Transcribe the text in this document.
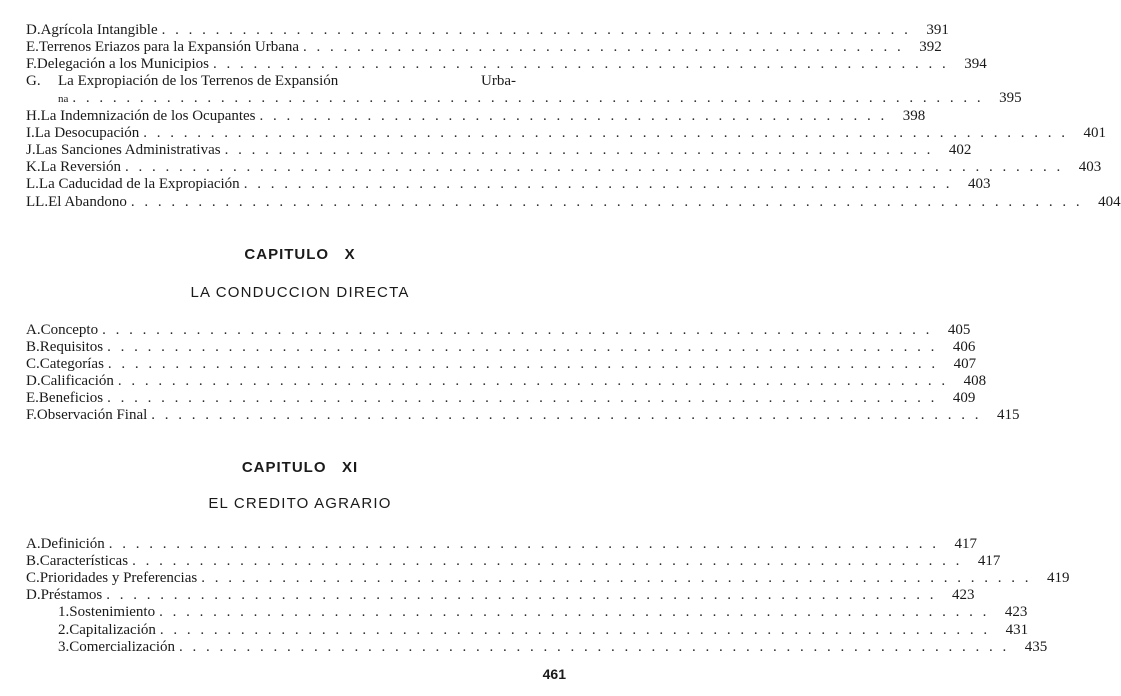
D. Agrícola Intangible . . . . . . . . . . . . . . . . . . . . . . . . . . . . . . . . . . . . . . . . . . . . . . . . . . . . . . . .	391
E. Terrenos Eriazos para la Expansión Urbana . . . . . . . . . . . . . . . . . . . . . . . . . . . . . . . . . . . . . . . . . . . . .	392
F. Delegación a los Municipios . . . . . . . . . . . . . . . . . . . . . . . . . . . . . . . . . . . . . . . . . . . . . . . . . . . . . . .	394
G. La Expropiación de los Terrenos de Expansión	Urba-
na . . . . . . . . . . . . . . . . . . . . . . . . . . . . . . . . . . . . . . . . . . . . . . . . . . . . . . . . . . . . . . . . . . . .	395
H. La Indemnización de los Ocupantes . . . . . . . . . . . . . . . . . . . . . . . . . . . . . . . . . . . . . . . . . . . . . . .	398
I. La Desocupación . . . . . . . . . . . . . . . . . . . . . . . . . . . . . . . . . . . . . . . . . . . . . . . . . . . . . . . . . . . . . . . . . . . . .	401
J. Las Sanciones Administrativas . . . . . . . . . . . . . . . . . . . . . . . . . . . . . . . . . . . . . . . . . . . . . . . . . . . . .	402
K. La Reversión . . . . . . . . . . . . . . . . . . . . . . . . . . . . . . . . . . . . . . . . . . . . . . . . . . . . . . . . . . . . . . . . . . . . . .	403
L. La Caducidad de la Expropiación . . . . . . . . . . . . . . . . . . . . . . . . . . . . . . . . . . . . . . . . . . . . . . . . . . . . .	403
LL. El Abandono . . . . . . . . . . . . . . . . . . . . . . . . . . . . . . . . . . . . . . . . . . . . . . . . . . . . . . . . . . . . . . . . . . . . . . .	404
CAPITULO   X
LA CONDUCCION DIRECTA
A. Concepto . . . . . . . . . . . . . . . . . . . . . . . . . . . . . . . . . . . . . . . . . . . . . . . . . . . . . . . . . . . . . .	405
B. Requisitos . . . . . . . . . . . . . . . . . . . . . . . . . . . . . . . . . . . . . . . . . . . . . . . . . . . . . . . . . . . . . .	406
C. Categorías . . . . . . . . . . . . . . . . . . . . . . . . . . . . . . . . . . . . . . . . . . . . . . . . . . . . . . . . . . . . . .	407
D. Calificación . . . . . . . . . . . . . . . . . . . . . . . . . . . . . . . . . . . . . . . . . . . . . . . . . . . . . . . . . . . . . .	408
E. Beneficios . . . . . . . . . . . . . . . . . . . . . . . . . . . . . . . . . . . . . . . . . . . . . . . . . . . . . . . . . . . . . .	409
F. Observación Final . . . . . . . . . . . . . . . . . . . . . . . . . . . . . . . . . . . . . . . . . . . . . . . . . . . . . . . . . . . . . .	415
CAPITULO   XI
EL CREDITO AGRARIO
A. Definición . . . . . . . . . . . . . . . . . . . . . . . . . . . . . . . . . . . . . . . . . . . . . . . . . . . . . . . . . . . . . .	417
B. Características . . . . . . . . . . . . . . . . . . . . . . . . . . . . . . . . . . . . . . . . . . . . . . . . . . . . . . . . . . . . . .	417
C. Prioridades y Preferencias . . . . . . . . . . . . . . . . . . . . . . . . . . . . . . . . . . . . . . . . . . . . . . . . . . . . . . . . . . . . . .	419
D. Préstamos . . . . . . . . . . . . . . . . . . . . . . . . . . . . . . . . . . . . . . . . . . . . . . . . . . . . . . . . . . . . . .	423
1. Sostenimiento . . . . . . . . . . . . . . . . . . . . . . . . . . . . . . . . . . . . . . . . . . . . . . . . . . . . . . . . . . . . . .	423
2. Capitalización . . . . . . . . . . . . . . . . . . . . . . . . . . . . . . . . . . . . . . . . . . . . . . . . . . . . . . . . . . . . . .	431
3. Comercialización . . . . . . . . . . . . . . . . . . . . . . . . . . . . . . . . . . . . . . . . . . . . . . . . . . . . . . . . . . . . . .	435
461
